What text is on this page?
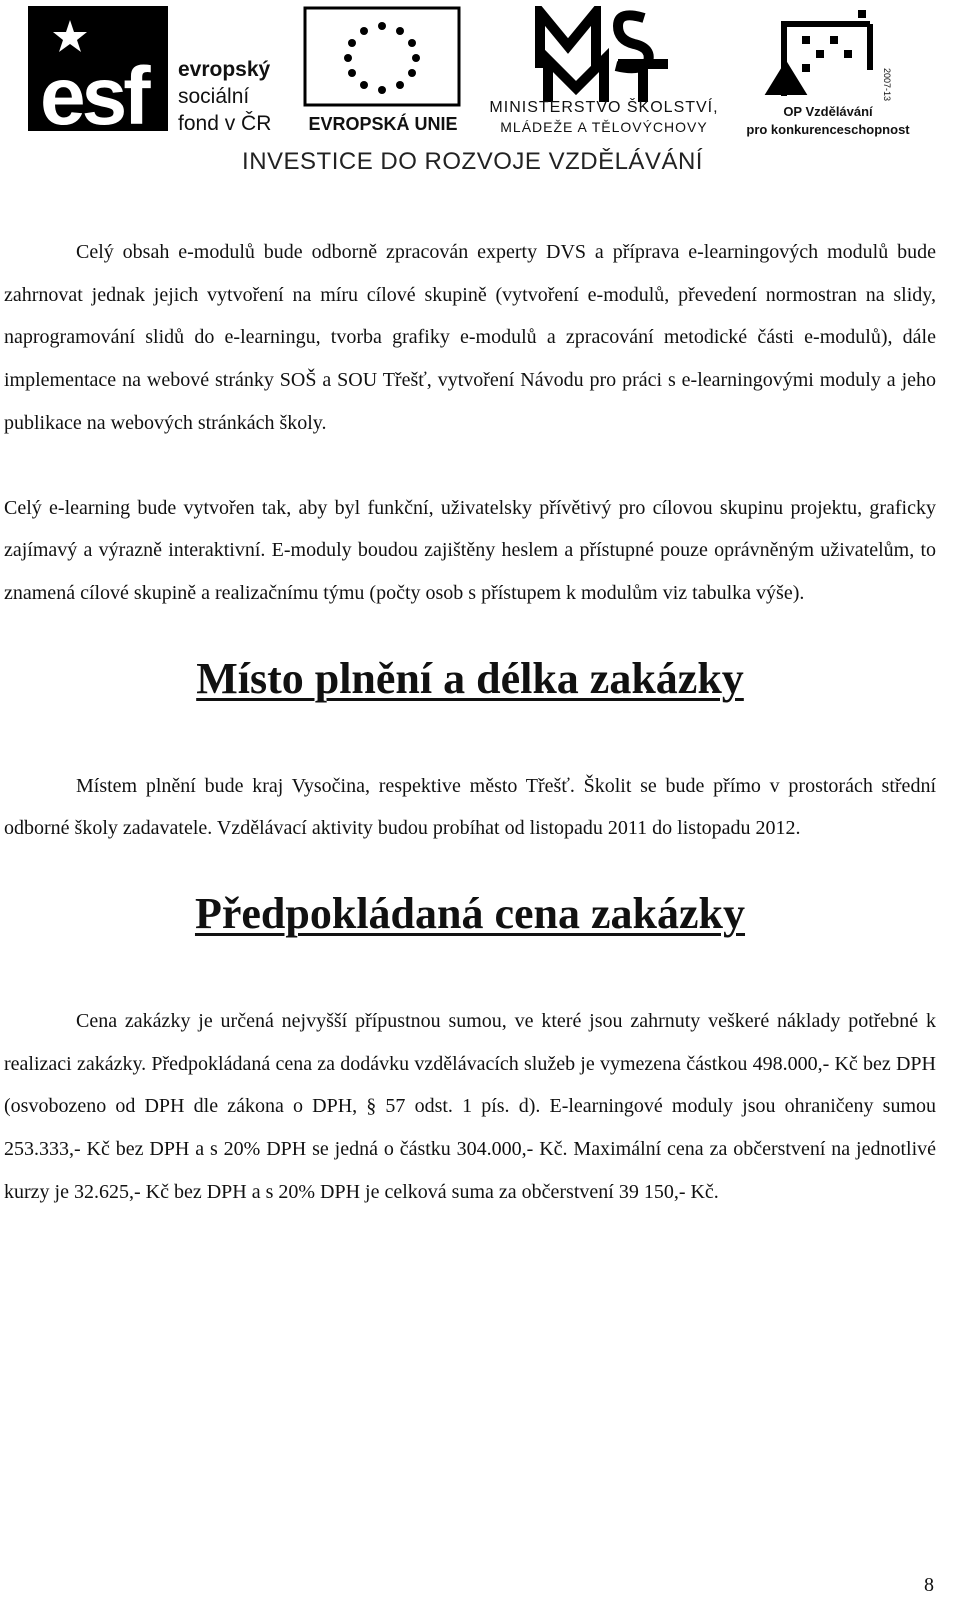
esf evropský
sociální
fond v ČR EVROPSKÁ UNIE
MINISTERSTVO ŠKOLSTVÍ,
MLÁDEŽE A TĚLOVÝCHOVY
2007-13
OP Vzdělávání
pro konkurenceschopnost
INVESTICE DO ROZVOJE VZDĚLÁVÁNÍ

Celý obsah e-modulů bude odborně zpracován experty DVS a příprava e-learningových modulů bude zahrnovat jednak jejich vytvoření na míru cílové skupině (vytvoření e-modulů, převedení normostran na slidy, naprogramování slidů do e-learningu, tvorba grafiky e-modulů a zpracování metodické části e-modulů), dále implementace na webové stránky SOŠ a SOU Třešť, vytvoření Návodu pro práci s e-learningovými moduly a jeho publikace na webových stránkách školy.

Celý e-learning bude vytvořen tak, aby byl funkční, uživatelsky přívětivý pro cílovou skupinu projektu, graficky zajímavý a výrazně interaktivní. E-moduly boudou zajištěny heslem a přístupné pouze oprávněným uživatelům, to znamená cílové skupině a realizačnímu týmu (počty osob s přístupem k modulům viz tabulka výše).

Místo plnění a délka zakázky

Místem plnění bude kraj Vysočina, respektive město Třešť. Školit se bude přímo v prostorách střední odborné školy zadavatele. Vzdělávací aktivity budou probíhat od listopadu 2011 do listopadu 2012.

Předpokládaná cena zakázky

Cena zakázky je určená nejvyšší přípustnou sumou, ve které jsou zahrnuty veškeré náklady potřebné k realizaci zakázky. Předpokládaná cena za dodávku vzdělávacích služeb je vymezena částkou 498.000,- Kč bez DPH (osvobozeno od DPH dle zákona o DPH, § 57 odst. 1 pís. d). E-learningové moduly jsou ohraničeny sumou 253.333,- Kč bez DPH a s 20% DPH se jedná o částku 304.000,- Kč. Maximální cena za občerstvení na jednotlivé kurzy je 32.625,- Kč bez DPH a s 20% DPH je celková suma za občerstvení 39 150,- Kč.

8
